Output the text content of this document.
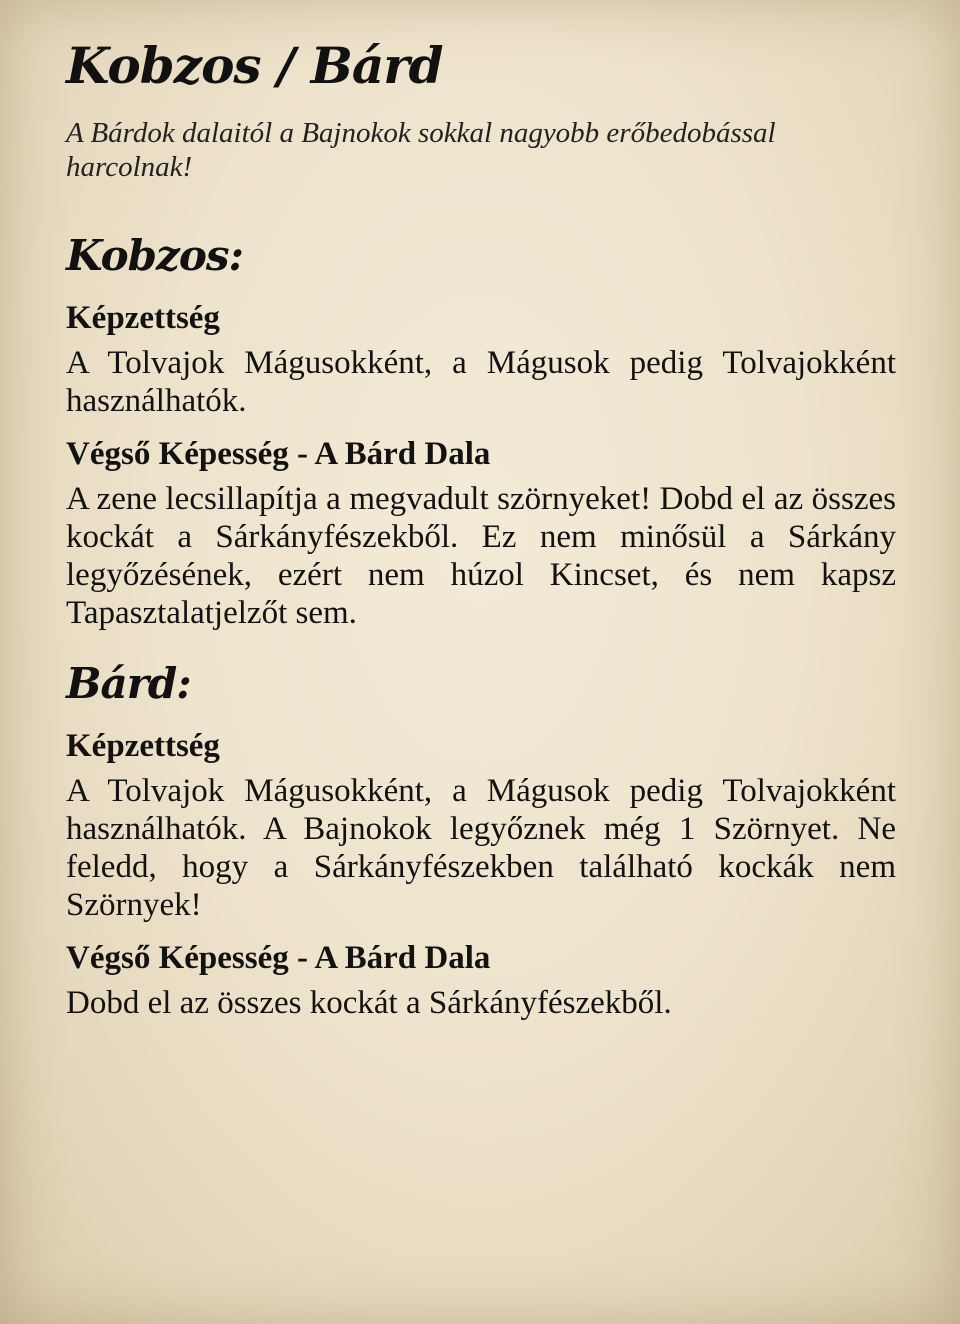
Kobzos / Bárd

A Bárdok dalaitól a Bajnokok sokkal nagyobb erőbedobással harcolnak!

Kobzos:
Képzettség

A Tolvajok Mágusokként, a Mágusok pedig Tolvajokként használhatók.

Végső Képesség - A Bárd Dala

A zene lecsillapítja a megvadult szörnyeket! Dobd el az összes kockát a Sárkányfészekből. Ez nem minősül a Sárkány legyőzésének, ezért nem húzol Kincset, és nem kapsz Tapasztalatjelzőt sem.

Bárd:
Képzettség

A Tolvajok Mágusokként, a Mágusok pedig Tolvajokként használhatók. A Bajnokok legyőznek még 1 Szörnyet. Ne feledd, hogy a Sárkányfészekben található kockák nem Szörnyek!

Végső Képesség - A Bárd Dala

Dobd el az összes kockát a Sárkányfészekből.
